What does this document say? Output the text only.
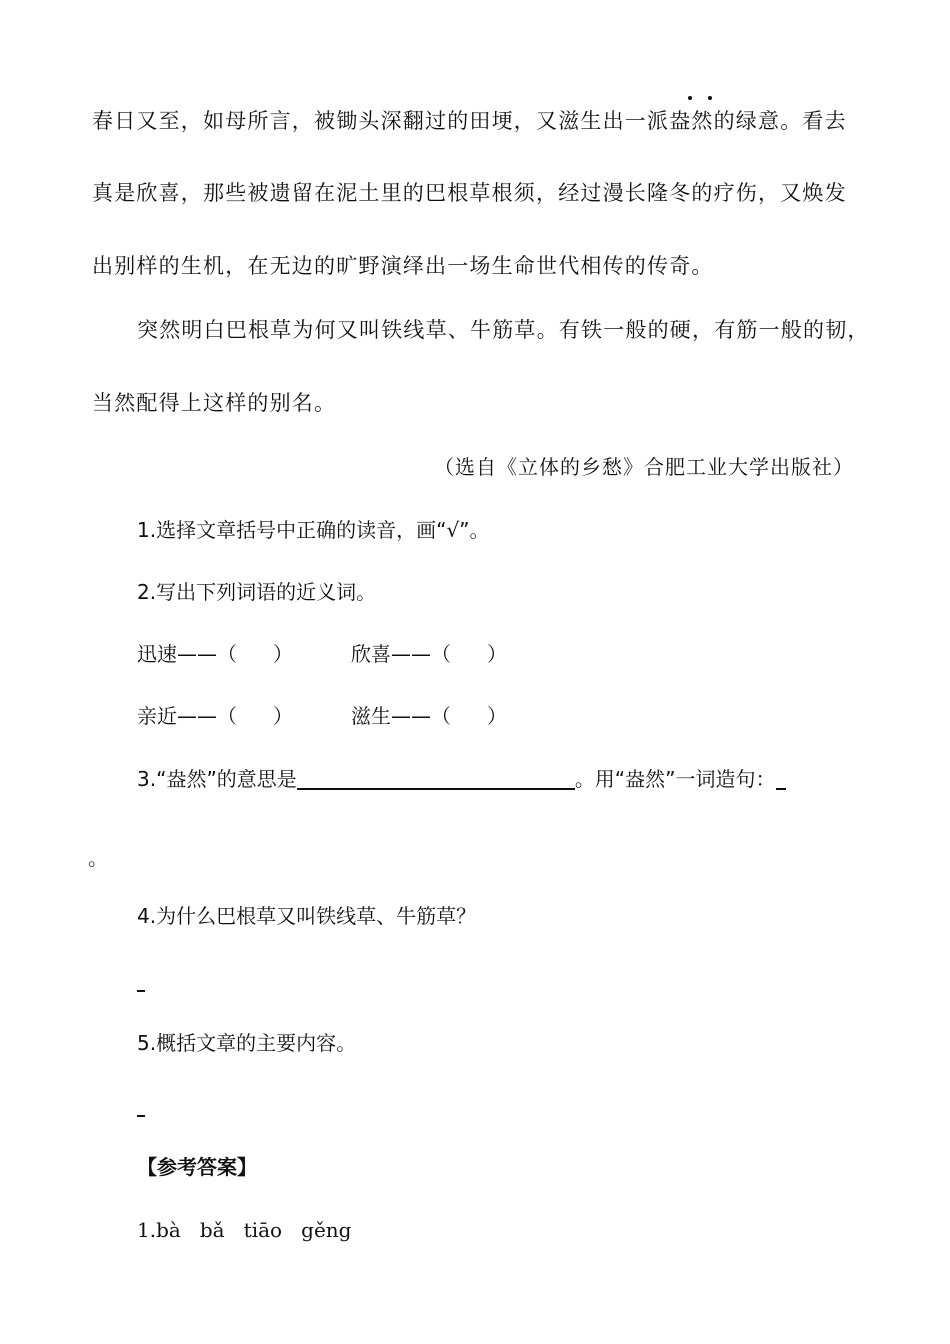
春日又至，如母所言，被锄头深翻过的田埂，又滋生出一派盎然的绿意。看去
真是欣喜，那些被遗留在泥土里的巴根草根须，经过漫长隆冬的疗伤，又焕发
出别样的生机，在无边的旷野演绎出一场生命世代相传的传奇。
突然明白巴根草为何又叫铁线草、牛筋草。有铁一般的硬，有筋一般的韧，
当然配得上这样的别名。
（选自《立体的乡愁》合肥工业大学出版社）
1.选择文章括号中正确的读音，画“√”。
2.写出下列词语的近义词。
迅速——（ ）	欣喜——（ ）
亲近——（ ）	滋生——（ ）
3.“盎然”的意思是	。用“盎然”一词造句：
。
4.为什么巴根草又叫铁线草、牛筋草？
5.概括文章的主要内容。
【参考答案】
1.bà   bǎ   tiāo   gěng
